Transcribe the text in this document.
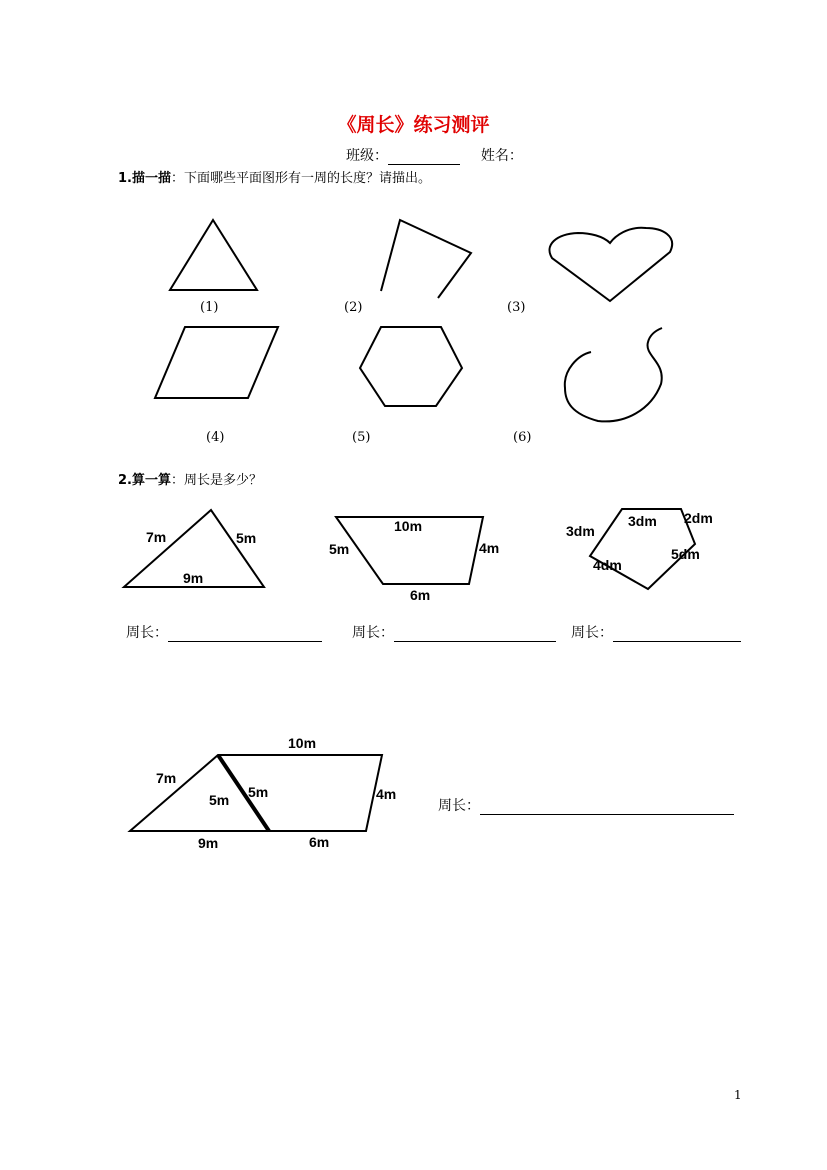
《周长》练习测评
班级：	姓名：
1.描一描：下面哪些平面图形有一周的长度？请描出。
(1)	(2)	(3)
(4)	(5)	(6)
7m	5m
9m
10m
5m	4m
6m
3dm
3dm 2dm
5dm
4dm
10m
7m
5m 5m	4m
9m	6m
2.算一算：周长是多少？
周长：	周长：	周长：
周长：
1
